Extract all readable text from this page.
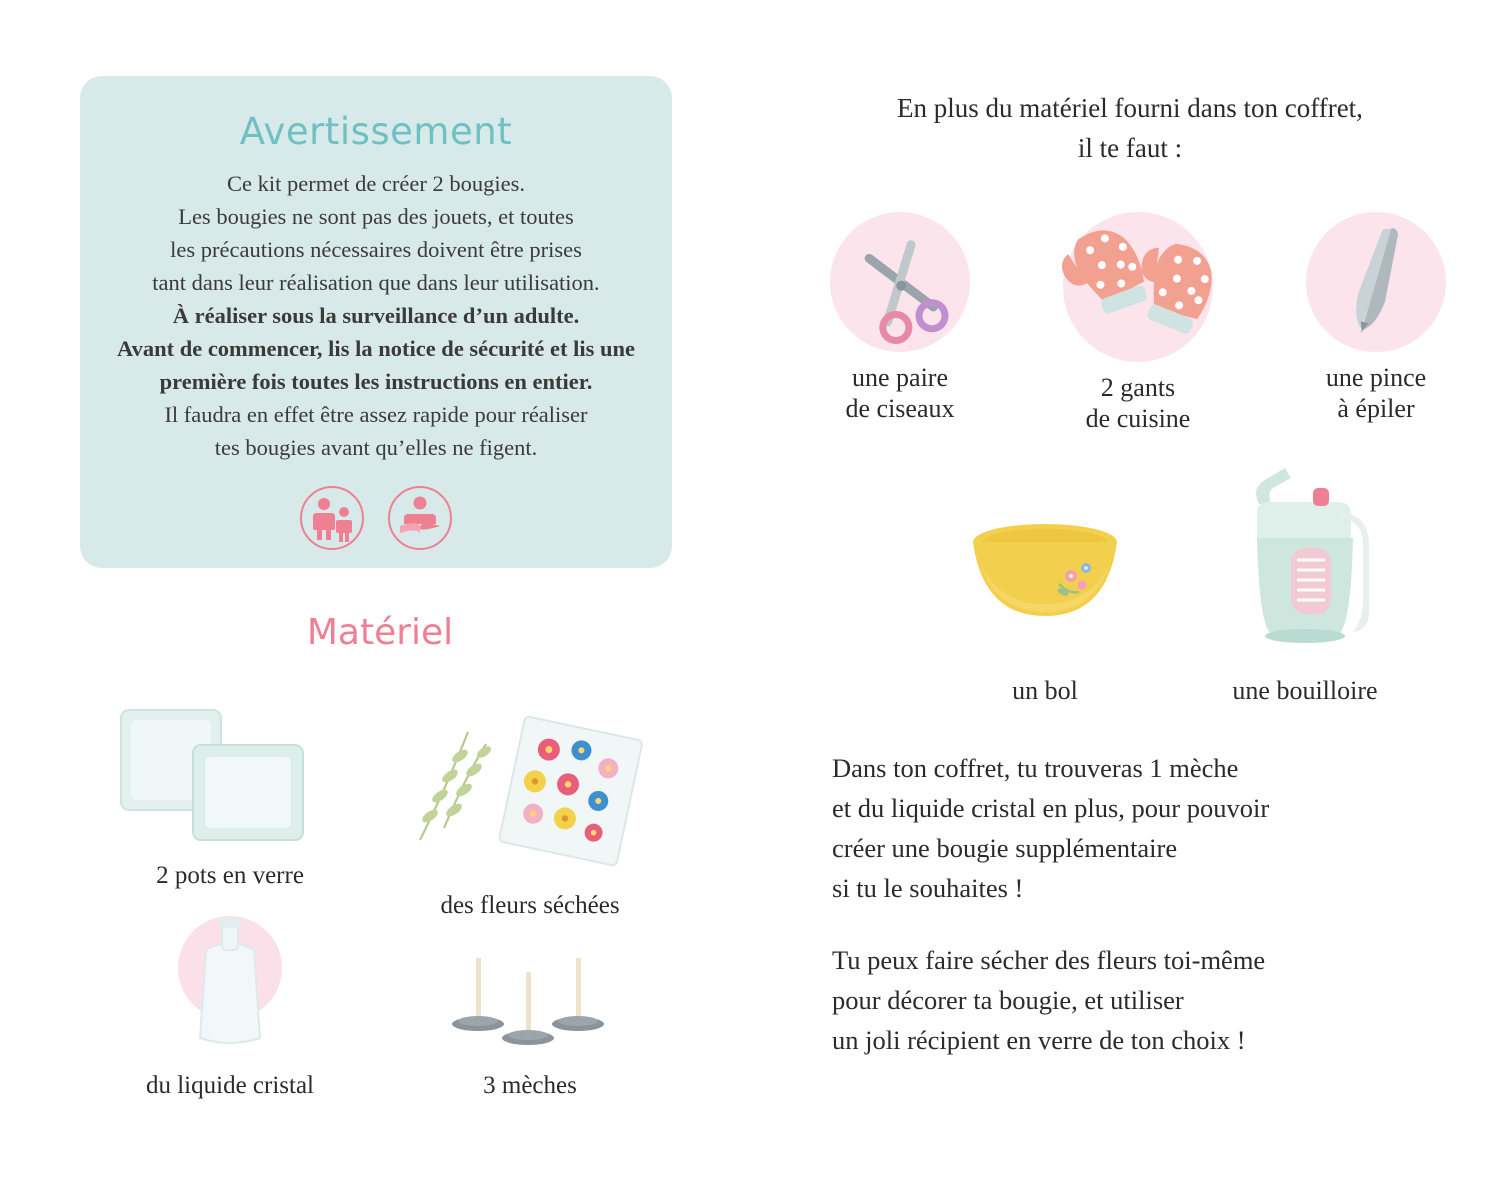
Avertissement
Ce kit permet de créer 2 bougies.
Les bougies ne sont pas des jouets, et toutes
les précautions nécessaires doivent être prises
tant dans leur réalisation que dans leur utilisation.
À réaliser sous la surveillance d’un adulte.
Avant de commencer, lis la notice de sécurité et lis une
première fois toutes les instructions en entier.
Il faudra en effet être assez rapide pour réaliser
tes bougies avant qu’elles ne figent.
Matériel
2 pots en verre
des fleurs séchées
du liquide cristal	3 mèches
En plus du matériel fourni dans ton coffret,
il te faut :
une paire
de ciseaux
2 gants
de cuisine
une pince
à épiler
un bol	une bouilloire
Dans ton coffret, tu trouveras 1 mèche
et du liquide cristal en plus, pour pouvoir
créer une bougie supplémentaire
si tu le souhaites !
Tu peux faire sécher des fleurs toi-même
pour décorer ta bougie, et utiliser
un joli récipient en verre de ton choix !
